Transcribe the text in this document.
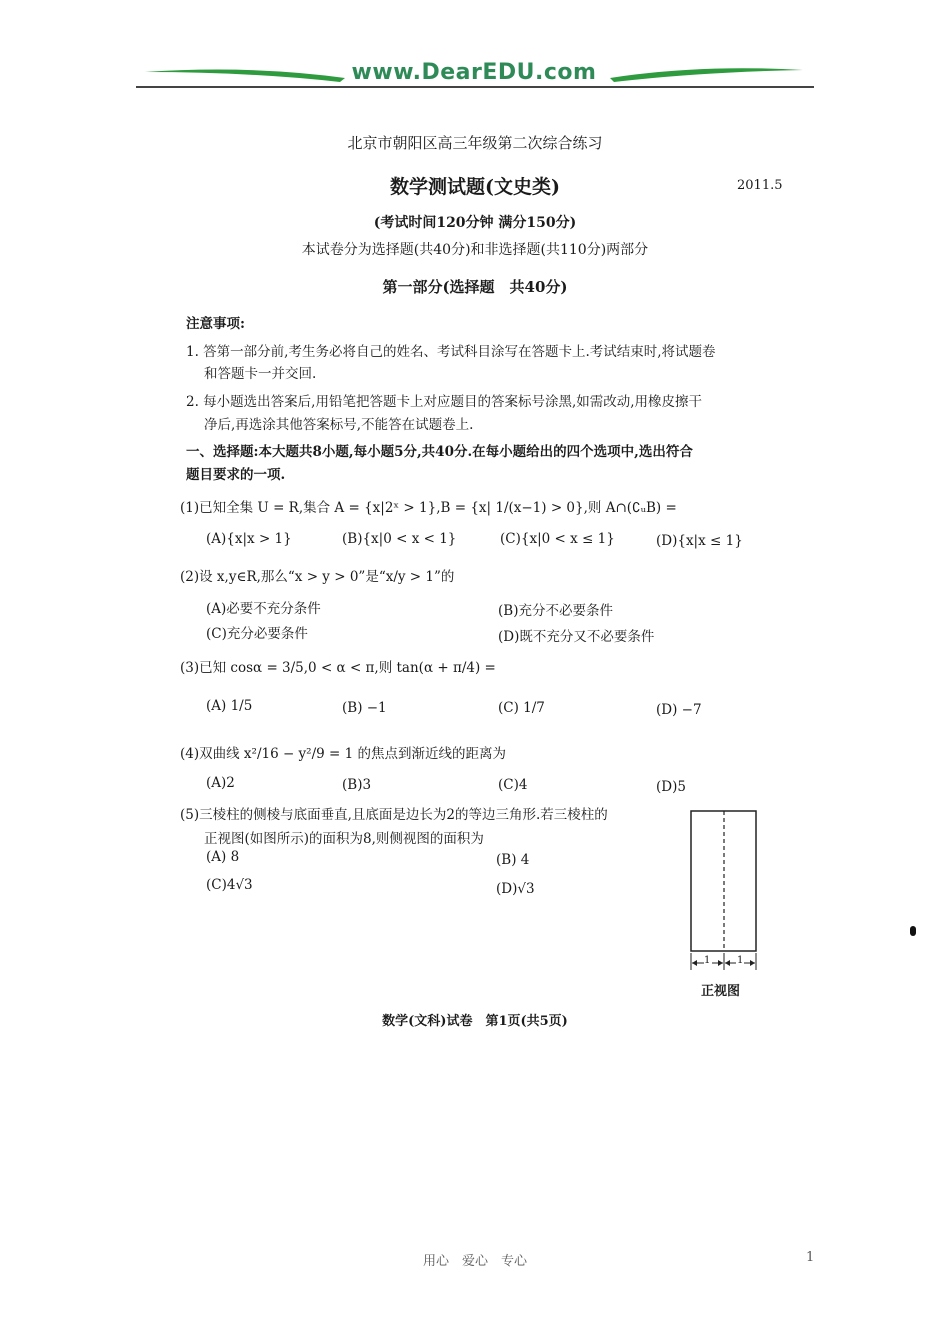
www.DearEDU.com
北京市朝阳区高三年级第二次综合练习
数学测试题(文史类)	2011.5
(考试时间120分钟 满分150分)
本试卷分为选择题(共40分)和非选择题(共110分)两部分
第一部分(选择题　共40分)
注意事项:
1. 答第一部分前,考生务必将自己的姓名、考试科目涂写在答题卡上.考试结束时,将试题卷
和答题卡一并交回.
2. 每小题选出答案后,用铅笔把答题卡上对应题目的答案标号涂黑,如需改动,用橡皮擦干
净后,再选涂其他答案标号,不能答在试题卷上.
一、选择题:本大题共8小题,每小题5分,共40分.在每小题给出的四个选项中,选出符合
题目要求的一项.
(1)已知全集 U = R,集合 A = {x|2ˣ > 1},B = {x| 1/(x−1) > 0},则 A∩(∁ᵤB) =
(A){x|x > 1}	(B){x|0 < x < 1}	(C){x|0 < x ≤ 1}	(D){x|x ≤ 1}
(2)设 x,y∈R,那么“x > y > 0”是“x/y > 1”的
(A)必要不充分条件	(B)充分不必要条件
(C)充分必要条件	(D)既不充分又不必要条件
(3)已知 cosα = 3/5,0 < α < π,则 tan(α + π/4) =
(A) 1/5	(B) −1	(C) 1/7	(D) −7
(4)双曲线 x²/16 − y²/9 = 1 的焦点到渐近线的距离为
(A)2	(B)3	(C)4	(D)5
(5)三棱柱的侧棱与底面垂直,且底面是边长为2的等边三角形.若三棱柱的
正视图(如图所示)的面积为8,则侧视图的面积为
(A) 8	(B) 4
(C)4√3	(D)√3
1	1
正视图
数学(文科)试卷　第1页(共5页)
用心　爱心　专心	1
